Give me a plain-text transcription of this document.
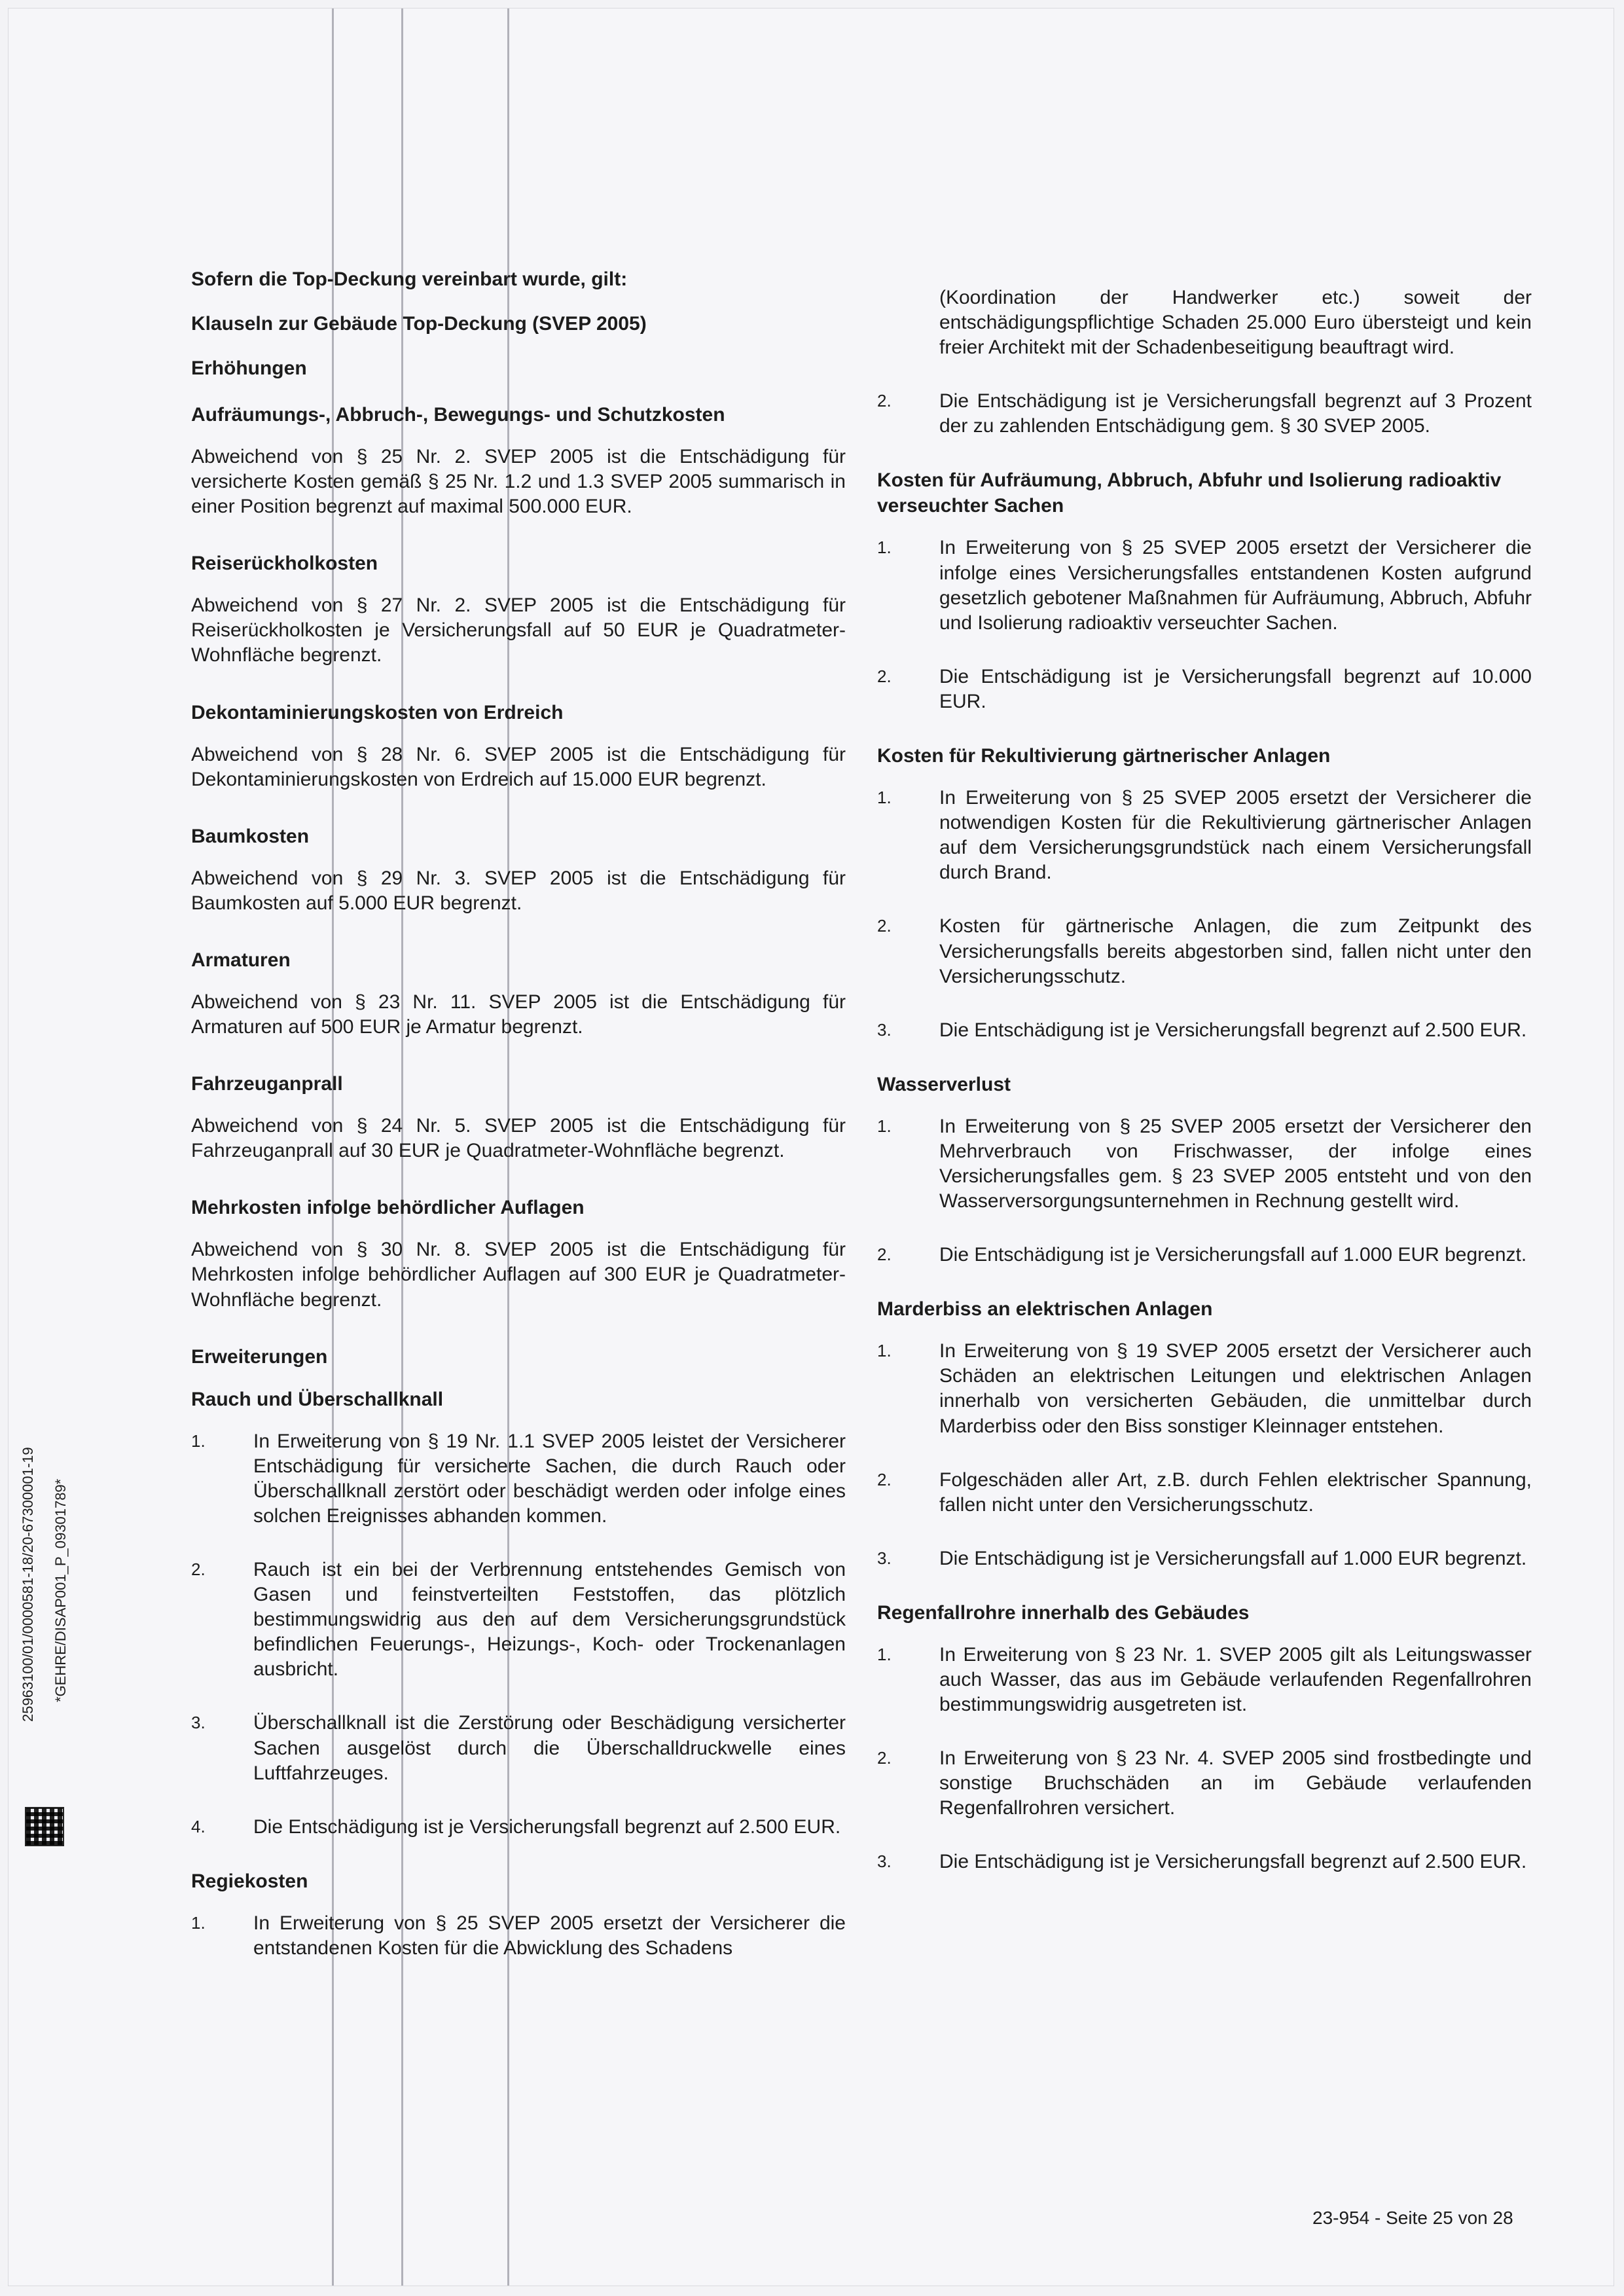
25963100/01/0000581-18/20-67300001-19 *GEHRE/DISAP001_P_09301789*
Sofern die Top-Deckung vereinbart wurde, gilt:
Klauseln zur Gebäude Top-Deckung (SVEP 2005)
Erhöhungen
Aufräumungs-, Abbruch-, Bewegungs- und Schutzkosten

Abweichend von § 25 Nr. 2. SVEP 2005 ist die Entschädigung für versicherte Kosten gemäß § 25 Nr. 1.2 und 1.3 SVEP 2005 summarisch in einer Position begrenzt auf maximal 500.000 EUR.

Reiserückholkosten

Abweichend von § 27 Nr. 2. SVEP 2005 ist die Entschädigung für Reiserückholkosten je Versicherungsfall auf 50 EUR je Quadratmeter-Wohnfläche begrenzt.

Dekontaminierungskosten von Erdreich

Abweichend von § 28 Nr. 6. SVEP 2005 ist die Entschädigung für Dekontaminierungskosten von Erdreich auf 15.000 EUR begrenzt.

Baumkosten

Abweichend von § 29 Nr. 3. SVEP 2005 ist die Entschädigung für Baumkosten auf 5.000 EUR begrenzt.

Armaturen

Abweichend von § 23 Nr. 11. SVEP 2005 ist die Entschädigung für Armaturen auf 500 EUR je Armatur begrenzt.

Fahrzeuganprall

Abweichend von § 24 Nr. 5. SVEP 2005 ist die Entschädigung für Fahrzeuganprall auf 30 EUR je Quadratmeter-Wohnfläche begrenzt.

Mehrkosten infolge behördlicher Auflagen

Abweichend von § 30 Nr. 8. SVEP 2005 ist die Entschädigung für Mehrkosten infolge behördlicher Auflagen auf 300 EUR je Quadratmeter-Wohnfläche begrenzt.

Erweiterungen
Rauch und Überschallknall
1. In Erweiterung von § 19 Nr. 1.1 SVEP 2005 leistet der Versicherer Entschädigung für versicherte Sachen, die durch Rauch oder Überschallknall zerstört oder beschädigt werden oder infolge eines solchen Ereignisses abhanden kommen.
2. Rauch ist ein bei der Verbrennung entstehendes Gemisch von Gasen und feinstverteilten Feststoffen, das plötzlich bestimmungswidrig aus den auf dem Versicherungsgrundstück befindlichen Feuerungs-, Heizungs-, Koch- oder Trockenanlagen ausbricht.
3. Überschallknall ist die Zerstörung oder Beschädigung versicherter Sachen ausgelöst durch die Überschalldruckwelle eines Luftfahrzeuges.
4. Die Entschädigung ist je Versicherungsfall begrenzt auf 2.500 EUR.
Regiekosten
1. In Erweiterung von § 25 SVEP 2005 ersetzt der Versicherer die entstandenen Kosten für die Abwicklung des Schadens

(Koordination der Handwerker etc.) soweit der entschädigungspflichtige Schaden 25.000 Euro übersteigt und kein freier Architekt mit der Schadenbeseitigung beauftragt wird.

2. Die Entschädigung ist je Versicherungsfall begrenzt auf 3 Prozent der zu zahlenden Entschädigung gem. § 30 SVEP 2005.
Kosten für Aufräumung, Abbruch, Abfuhr und Isolierung radioaktiv verseuchter Sachen
1. In Erweiterung von § 25 SVEP 2005 ersetzt der Versicherer die infolge eines Versicherungsfalles entstandenen Kosten aufgrund gesetzlich gebotener Maßnahmen für Aufräumung, Abbruch, Abfuhr und Isolierung radioaktiv verseuchter Sachen.
2. Die Entschädigung ist je Versicherungsfall begrenzt auf 10.000 EUR.
Kosten für Rekultivierung gärtnerischer Anlagen
1. In Erweiterung von § 25 SVEP 2005 ersetzt der Versicherer die notwendigen Kosten für die Rekultivierung gärtnerischer Anlagen auf dem Versicherungsgrundstück nach einem Versicherungsfall durch Brand.
2. Kosten für gärtnerische Anlagen, die zum Zeitpunkt des Versicherungsfalls bereits abgestorben sind, fallen nicht unter den Versicherungsschutz.
3. Die Entschädigung ist je Versicherungsfall begrenzt auf 2.500 EUR.
Wasserverlust
1. In Erweiterung von § 25 SVEP 2005 ersetzt der Versicherer den Mehrverbrauch von Frischwasser, der infolge eines Versicherungsfalles gem. § 23 SVEP 2005 entsteht und von den Wasserversorgungsunternehmen in Rechnung gestellt wird.
2. Die Entschädigung ist je Versicherungsfall auf 1.000 EUR begrenzt.
Marderbiss an elektrischen Anlagen
1. In Erweiterung von § 19 SVEP 2005 ersetzt der Versicherer auch Schäden an elektrischen Leitungen und elektrischen Anlagen innerhalb von versicherten Gebäuden, die unmittelbar durch Marderbiss oder den Biss sonstiger Kleinnager entstehen.
2. Folgeschäden aller Art, z.B. durch Fehlen elektrischer Spannung, fallen nicht unter den Versicherungsschutz.
3. Die Entschädigung ist je Versicherungsfall auf 1.000 EUR begrenzt.
Regenfallrohre innerhalb des Gebäudes
1. In Erweiterung von § 23 Nr. 1. SVEP 2005 gilt als Leitungswasser auch Wasser, das aus im Gebäude verlaufenden Regenfallrohren bestimmungswidrig ausgetreten ist.
2. In Erweiterung von § 23 Nr. 4. SVEP 2005 sind frostbedingte und sonstige Bruchschäden an im Gebäude verlaufenden Regenfallrohren versichert.
3. Die Entschädigung ist je Versicherungsfall begrenzt auf 2.500 EUR.
23-954 - Seite 25 von 28
